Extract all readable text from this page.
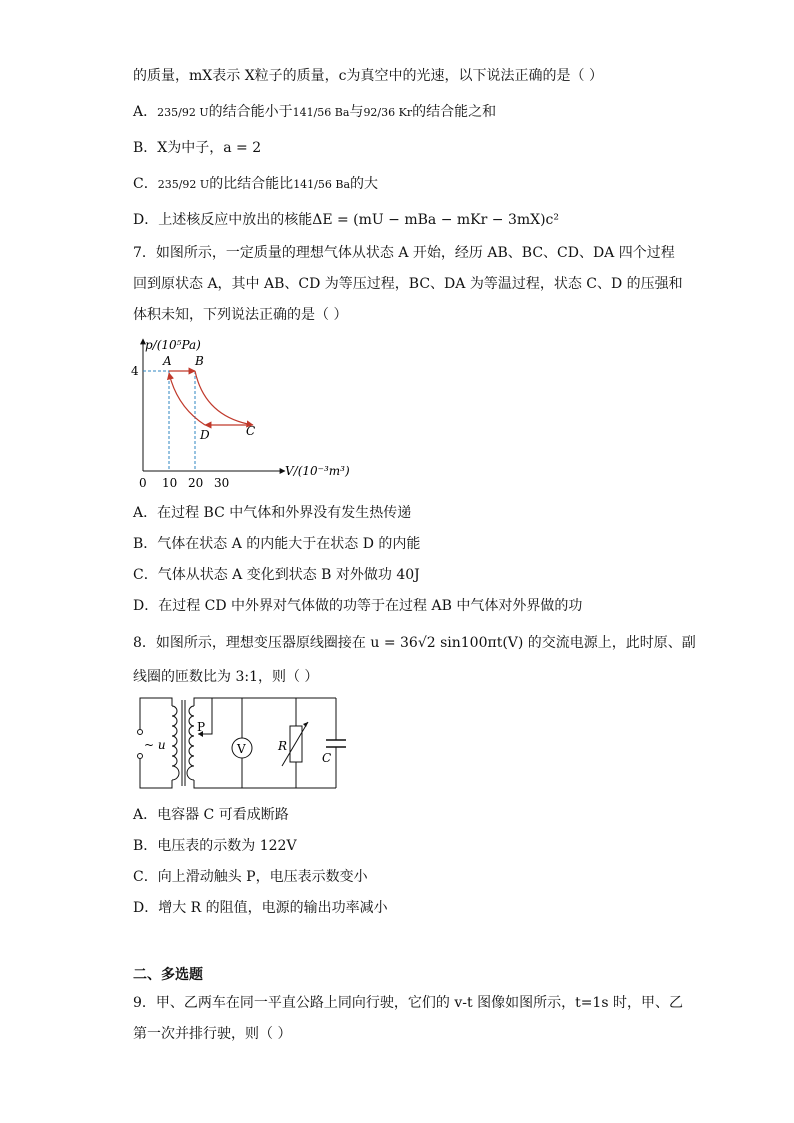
的质量，mX表示 X粒子的质量，c为真空中的光速，以下说法正确的是（ ）
A．235/92 U的结合能小于141/56 Ba与92/36 Kr的结合能之和
B．X为中子，a = 2
C．235/92 U的比结合能比141/56 Ba的大
D．上述核反应中放出的核能ΔE = (mU − mBa − mKr − 3mX)c²
7．如图所示，一定质量的理想气体从状态 A 开始，经历 AB、BC、CD、DA 四个过程
回到原状态 A，其中 AB、CD 为等压过程，BC、DA 为等温过程，状态 C、D 的压强和
体积未知，下列说法正确的是（ ）
p/(10⁵Pa)
V/(10⁻³m³)
4
0 10 20 30
A B
C
D
A．在过程 BC 中气体和外界没有发生热传递
B．气体在状态 A 的内能大于在状态 D 的内能
C．气体从状态 A 变化到状态 B 对外做功 40J
D．在过程 CD 中外界对气体做的功等于在过程 AB 中气体对外界做的功
8．如图所示，理想变压器原线圈接在 u = 36√2 sin100πt(V) 的交流电源上，此时原、副
线圈的匝数比为 3:1，则（ ）
~ u
P
V	R
C
A．电容器 C 可看成断路
B．电压表的示数为 122V
C．向上滑动触头 P，电压表示数变小
D．增大 R 的阻值，电源的输出功率减小
二、多选题
9．甲、乙两车在同一平直公路上同向行驶，它们的 v-t 图像如图所示，t=1s 时，甲、乙
第一次并排行驶，则（ ）
